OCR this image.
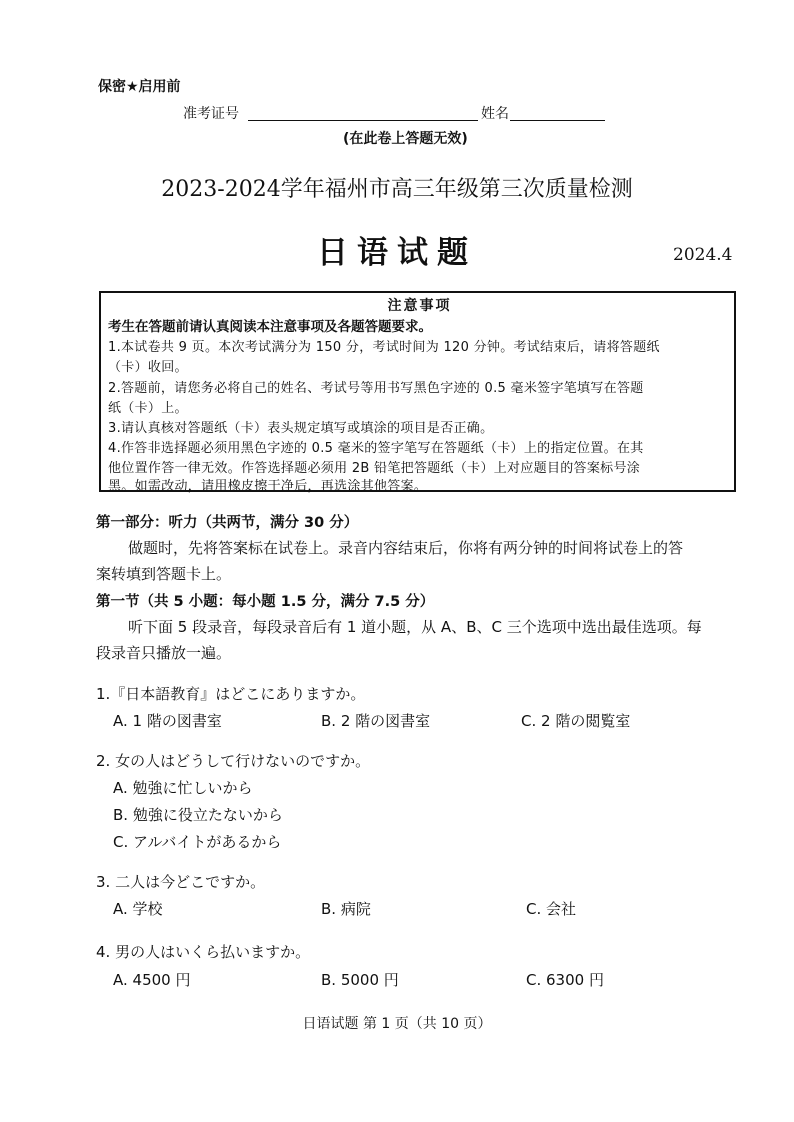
保密★启用前
准考证号	姓名
(在此卷上答题无效)
2023-2024学年福州市高三年级第三次质量检测
日语试题	2024.4
注意事项
考生在答题前请认真阅读本注意事项及各题答题要求。
1.本试卷共 9 页。本次考试满分为 150 分，考试时间为 120 分钟。考试结束后，请将答题纸
（卡）收回。
2.答题前，请您务必将自己的姓名、考试号等用书写黑色字迹的 0.5 毫米签字笔填写在答题
纸（卡）上。
3.请认真核对答题纸（卡）表头规定填写或填涂的项目是否正确。
4.作答非选择题必须用黑色字迹的 0.5 毫米的签字笔写在答题纸（卡）上的指定位置。在其
他位置作答一律无效。作答选择题必须用 2B 铅笔把答题纸（卡）上对应题目的答案标号涂
黑。如需改动，请用橡皮擦干净后，再选涂其他答案。
第一部分：听力（共两节，满分 30 分）
做题时，先将答案标在试卷上。录音内容结束后，你将有两分钟的时间将试卷上的答
案转填到答题卡上。
第一节（共 5 小题：每小题 1.5 分，满分 7.5 分）
听下面 5 段录音，每段录音后有 1 道小题，从 A、B、C 三个选项中选出最佳选项。每
段录音只播放一遍。
1.『日本語教育』はどこにありますか。
A. 1 階の図書室	B. 2 階の図書室	C. 2 階の閲覧室
2. 女の人はどうして行けないのですか。
A. 勉強に忙しいから
B. 勉強に役立たないから
C. アルバイトがあるから
3. 二人は今どこですか。
A. 学校	B. 病院	C. 会社
4. 男の人はいくら払いますか。
A. 4500 円	B. 5000 円	C. 6300 円
日语试题 第 1 页（共 10 页）
